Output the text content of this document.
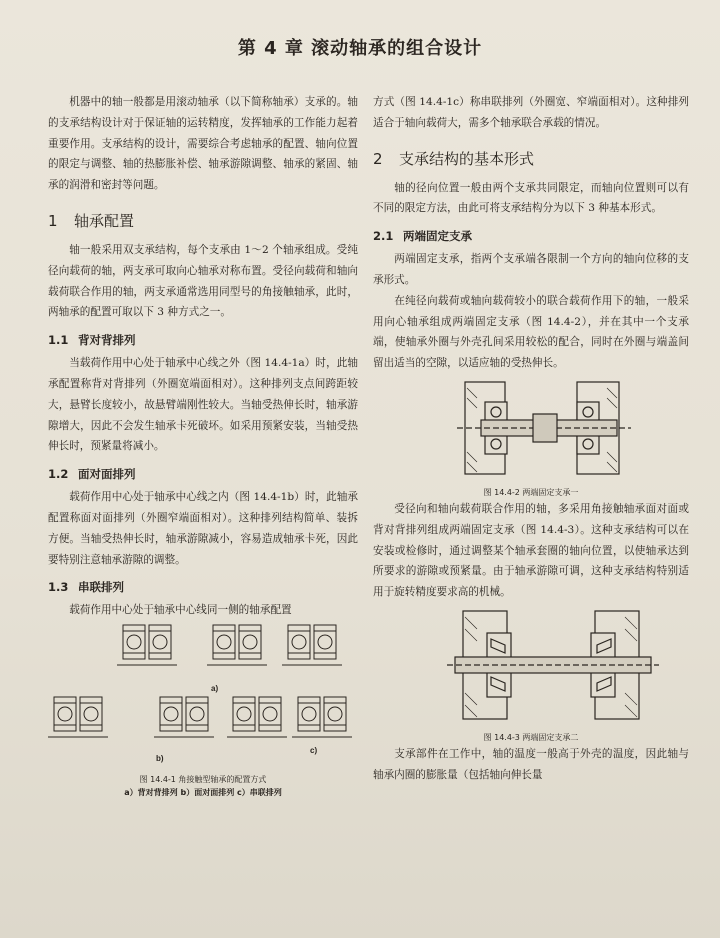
第 4 章 滚动轴承的组合设计

机器中的轴一般都是用滚动轴承（以下简称轴承）支承的。轴的支承结构设计对于保证轴的运转精度，发挥轴承的工作能力起着重要作用。支承结构的设计，需要综合考虑轴承的配置、轴向位置的限定与调整、轴的热膨胀补偿、轴承游隙调整、轴承的紧固、轴承的润滑和密封等问题。

1 轴承配置

轴一般采用双支承结构，每个支承由 1～2 个轴承组成。受纯径向载荷的轴，两支承可取向心轴承对称布置。受径向载荷和轴向载荷联合作用的轴，两支承通常选用同型号的角接触轴承，此时，两轴承的配置可取以下 3 种方式之一。

1.1 背对背排列

当载荷作用中心处于轴承中心线之外（图 14.4-1a）时，此轴承配置称背对背排列（外圈宽端面相对）。这种排列支点间跨距较大，悬臂长度较小，故悬臂端刚性较大。当轴受热伸长时，轴承游隙增大，因此不会发生轴承卡死破坏。如采用预紧安装，当轴受热伸长时，预紧量将减小。

1.2 面对面排列

载荷作用中心处于轴承中心线之内（图 14.4-1b）时，此轴承配置称面对面排列（外圈窄端面相对）。这种排列结构简单、装拆方便。当轴受热伸长时，轴承游隙减小，容易造成轴承卡死，因此要特别注意轴承游隙的调整。

1.3 串联排列

载荷作用中心处于轴承中心线同一侧的轴承配置

a)
b)
c)
图 14.4-1 角接触型轴承的配置方式
a）背对背排列 b）面对面排列 c）串联排列

方式（图 14.4-1c）称串联排列（外圈宽、窄端面相对）。这种排列适合于轴向载荷大，需多个轴承联合承载的情况。

2 支承结构的基本形式

轴的径向位置一般由两个支承共同限定，而轴向位置则可以有不同的限定方法，由此可将支承结构分为以下 3 种基本形式。

2.1 两端固定支承

两端固定支承，指两个支承端各限制一个方向的轴向位移的支承形式。

在纯径向载荷或轴向载荷较小的联合载荷作用下的轴，一般采用向心轴承组成两端固定支承（图 14.4-2），并在其中一个支承端，使轴承外圈与外壳孔间采用较松的配合，同时在外圈与端盖间留出适当的空隙，以适应轴的受热伸长。

图 14.4-2 两端固定支承一

受径向和轴向载荷联合作用的轴，多采用角接触轴承面对面或背对背排列组成两端固定支承（图 14.4-3）。这种支承结构可以在安装或检修时，通过调整某个轴承套圈的轴向位置，以使轴承达到所要求的游隙或预紧量。由于轴承游隙可调，这种支承结构特别适用于旋转精度要求高的机械。

图 14.4-3 两端固定支承二

支承部件在工作中，轴的温度一般高于外壳的温度，因此轴与轴承内圈的膨胀量（包括轴向伸长量
